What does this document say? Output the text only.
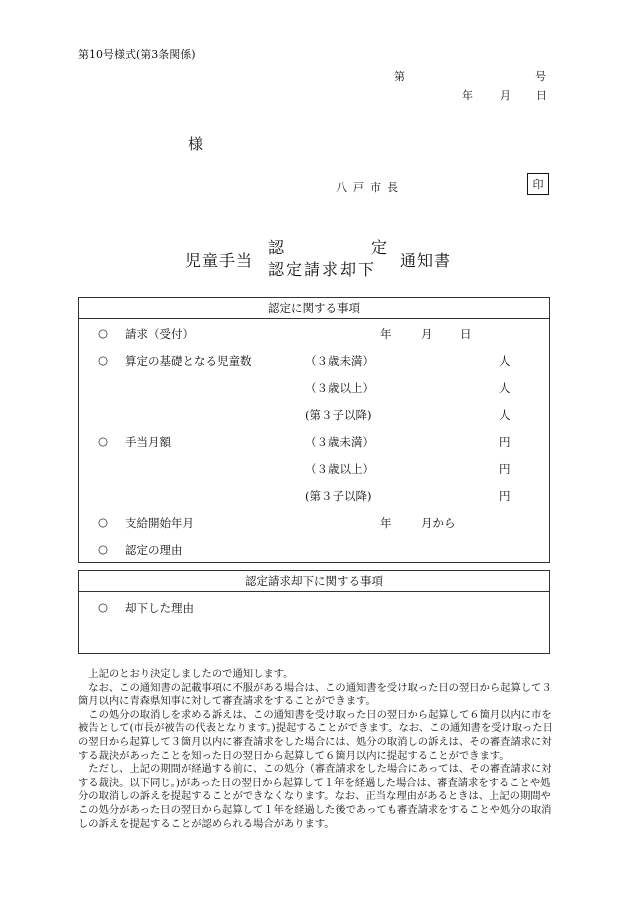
第10号様式(第3条関係)
第	号
年 月 日
様
八戸市長	印
児童手当
認	定
認定請求却下 通知書
認定に関する事項
○ 請求（受付）	年	月 日
○ 算定の基礎となる児童数	（３歳未満）	人
（３歳以上）	人
(第３子以降)	人
○ 手当月額	（３歳未満）	円
（３歳以上）	円
(第３子以降)	円
○ 支給開始年月	年	月から
○ 認定の理由
認定請求却下に関する事項
○ 却下した理由

上記のとおり決定しましたので通知します。

なお、この通知書の記載事項に不服がある場合は、この通知書を受け取った日の翌日から起算して３箇月以内に青森県知事に対して審査請求をすることができます。

この処分の取消しを求める訴えは、この通知書を受け取った日の翌日から起算して６箇月以内に市を被告として(市長が被告の代表となります。)提起することができます。なお、この通知書を受け取った日の翌日から起算して３箇月以内に審査請求をした場合には、処分の取消しの訴えは、その審査請求に対する裁決があったことを知った日の翌日から起算して６箇月以内に提起することができます。

ただし、上記の期間が経過する前に、この処分（審査請求をした場合にあっては、その審査請求に対する裁決。以下同じ。)があった日の翌日から起算して１年を経過した場合は、審査請求をすることや処分の取消しの訴えを提起することができなくなります。なお、正当な理由があるときは、上記の期間やこの処分があった日の翌日から起算して１年を経過した後であっても審査請求をすることや処分の取消しの訴えを提起することが認められる場合があります。
